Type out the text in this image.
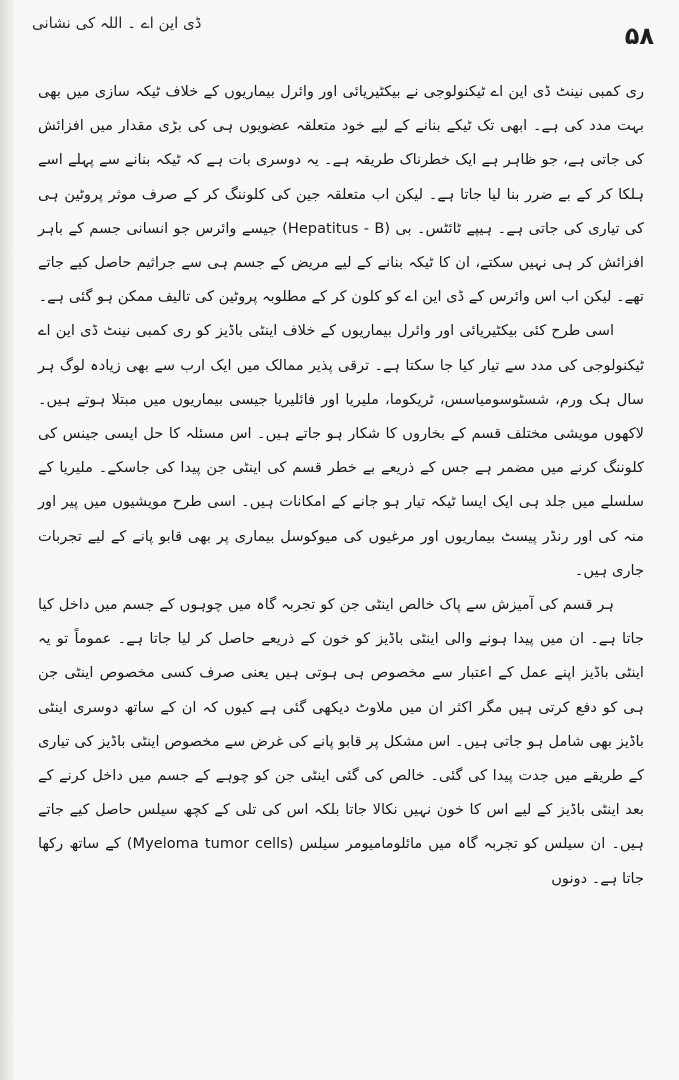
ڈی این اے ۔ اللہ کی نشانی	۵۸

ری کمبی نینٹ ڈی این اے ٹیکنولوجی نے بیکٹیریائی اور وائرل بیماریوں کے خلاف ٹیکہ سازی میں بھی بہت مدد کی ہے۔ ابھی تک ٹیکے بنانے کے لیے خود متعلقہ عضویوں ہی کی بڑی مقدار میں افزائش کی جاتی ہے، جو ظاہر ہے ایک خطرناک طریقہ ہے۔ یہ دوسری بات ہے کہ ٹیکہ بنانے سے پہلے اسے ہلکا کر کے بے ضرر بنا لیا جاتا ہے۔ لیکن اب متعلقہ جین کی کلوننگ کر کے صرف موثر پروٹین ہی کی تیاری کی جاتی ہے۔ ہیپے ٹائٹس۔ بی (Hepatitus - B) جیسے وائرس جو انسانی جسم کے باہر افزائش کر ہی نہیں سکتے، ان کا ٹیکہ بنانے کے لیے مریض کے جسم ہی سے جراثیم حاصل کیے جاتے تھے۔ لیکن اب اس وائرس کے ڈی این اے کو کلون کر کے مطلوبہ پروٹین کی تالیف ممکن ہو گئی ہے۔

اسی طرح کئی بیکٹیریائی اور وائرل بیماریوں کے خلاف اینٹی باڈیز کو ری کمبی نینٹ ڈی این اے ٹیکنولوجی کی مدد سے تیار کیا جا سکتا ہے۔ ترقی پذیر ممالک میں ایک ارب سے بھی زیادہ لوگ ہر سال ہک ورم، شسٹوسومیاسس، ٹریکوما، ملیریا اور فائلیریا جیسی بیماریوں میں مبتلا ہوتے ہیں۔ لاکھوں مویشی مختلف قسم کے بخاروں کا شکار ہو جاتے ہیں۔ اس مسئلہ کا حل ایسی جینس کی کلوننگ کرنے میں مضمر ہے جس کے ذریعے بے خطر قسم کی اینٹی جن پیدا کی جاسکے۔ ملیریا کے سلسلے میں جلد ہی ایک ایسا ٹیکہ تیار ہو جانے کے امکانات ہیں۔ اسی طرح مویشیوں میں پیر اور منہ کی اور رنڈر پیسٹ بیماریوں اور مرغیوں کی میوکوسل بیماری پر بھی قابو پانے کے لیے تجربات جاری ہیں۔

ہر قسم کی آمیزش سے پاک خالص اینٹی جن کو تجربہ گاہ میں چوہوں کے جسم میں داخل کیا جاتا ہے۔ ان میں پیدا ہونے والی اینٹی باڈیز کو خون کے ذریعے حاصل کر لیا جاتا ہے۔ عموماً تو یہ اینٹی باڈیز اپنے عمل کے اعتبار سے مخصوص ہی ہوتی ہیں یعنی صرف کسی مخصوص اینٹی جن ہی کو دفع کرتی ہیں مگر اکثر ان میں ملاوٹ دیکھی گئی ہے کیوں کہ ان کے ساتھ دوسری اینٹی باڈیز بھی شامل ہو جاتی ہیں۔ اس مشکل پر قابو پانے کی غرض سے مخصوص اینٹی باڈیز کی تیاری کے طریقے میں جدت پیدا کی گئی۔ خالص کی گئی اینٹی جن کو چوہے کے جسم میں داخل کرنے کے بعد اینٹی باڈیز کے لیے اس کا خون نہیں نکالا جاتا بلکہ اس کی تلی کے کچھ سیلس حاصل کیے جاتے ہیں۔ ان سیلس کو تجربہ گاہ میں مائلومامیومر سیلس (Myeloma tumor cells) کے ساتھ رکھا جاتا ہے۔ دونوں
